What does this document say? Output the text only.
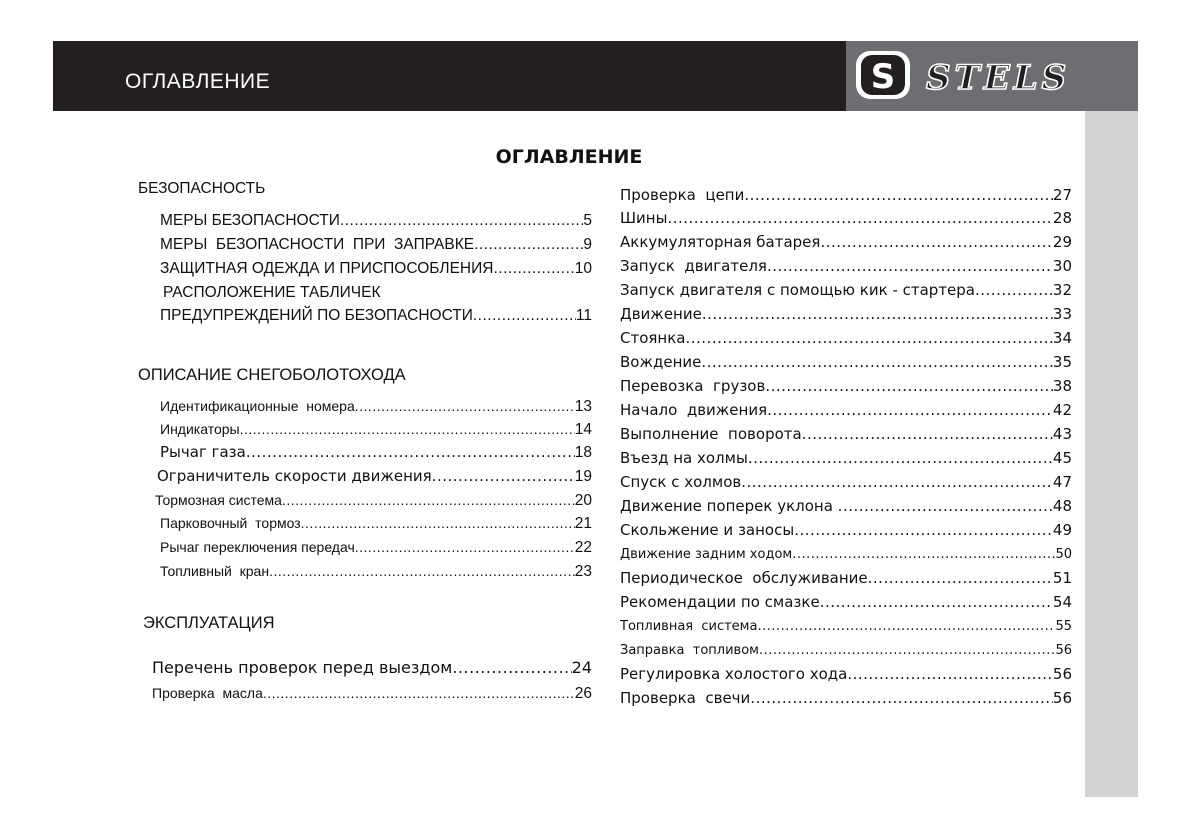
ОГЛАВЛЕНИЕ	S STELS
ОГЛАВЛЕНИЕ
БЕЗОПАСНОСТЬ
МЕРЫ БЕЗОПАСНОСТИ .....	5
МЕРЫ  БЕЗОПАСНОСТИ  ПРИ  ЗАПРАВКЕ .....	9
ЗАЩИТНАЯ ОДЕЖДА И ПРИСПОСОБЛЕНИЯ .....	10
РАСПОЛОЖЕНИЕ ТАБЛИЧЕК
ПРЕДУПРЕЖДЕНИЙ ПО БЕЗОПАСНОСТИ .....	11
ОПИСАНИЕ СНЕГОБОЛОТОХОДА
Идентификационные  номера .....	13
Индикаторы .....	14
Рычаг газа .....	18
Ограничитель скорости движения .....	19
Тормозная система .....	20
Парковочный  тормоз .....	21
Рычаг переключения передач .....	22
Топливный  кран .....	23
ЭКСПЛУАТАЦИЯ
Перечень проверок перед выездом .....	24
Проверка  масла .....	26
Проверка  цепи .....	27
Шины .....	28
Аккумуляторная батарея .....	29
Запуск  двигателя .....	30
Запуск двигателя с помощью кик - стартера .....	32
Движение .....	33
Стоянка .....	34
Вождение .....	35
Перевозка  грузов .....	38
Начало  движения .....	42
Выполнение  поворота .....	43
Въезд на холмы .....	45
Спуск с холмов .....	47
Движение поперек уклона .....	48
Скольжение и заносы .....	49
Движение задним ходом .....	50
Периодическое  обслуживание .....	51
Рекомендации по смазке .....	54
Топливная  система .....	55
Заправка  топливом .....	56
Регулировка холостого хода .....	56
Проверка  свечи .....	56
